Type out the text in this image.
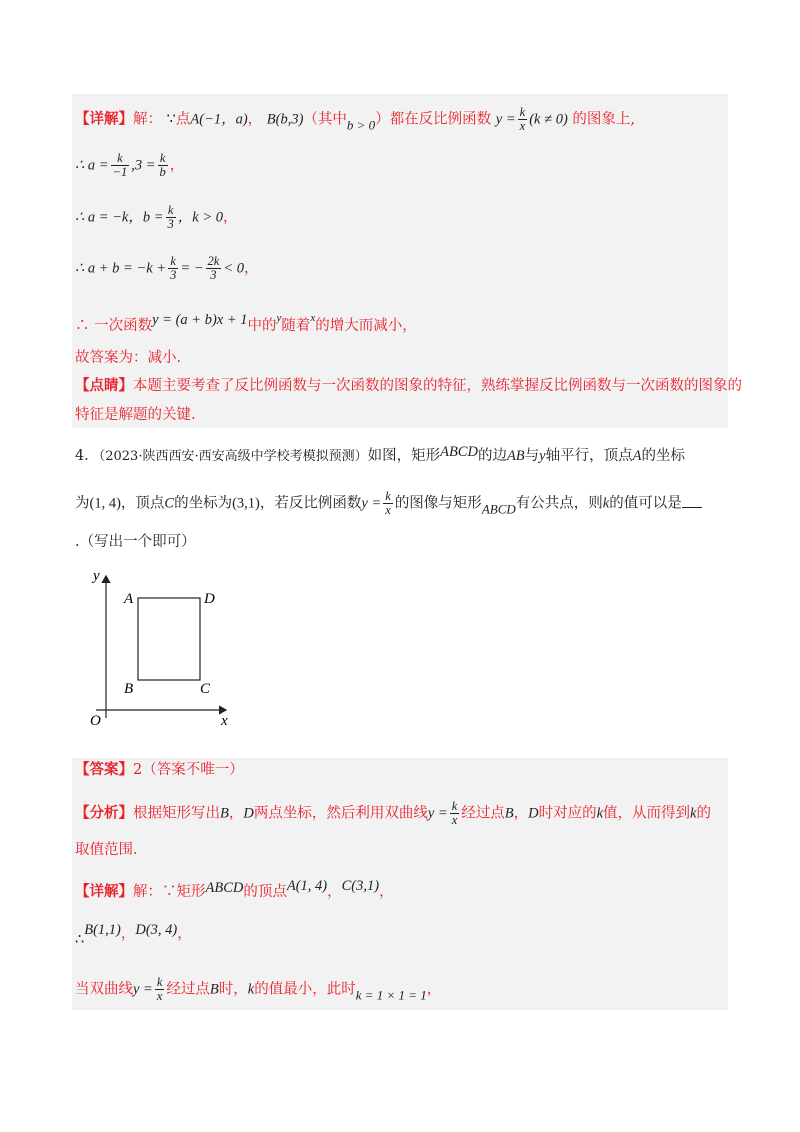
【详解】解： ∵点A(−1，a)， B(b,3)（其中b > 0）都在反比例函数 $y = \frac{k}{x} (k \ne 0)$ 的图象上,
∴ $a = \frac{k}{-1} ,3 = \frac{k}{b}$ ，
∴ a = −k，$b = \frac{k}{3}$ ，k > 0，
∴ $a + b = -k + \frac{k}{3}$ = − $\frac{2k}{3} < 0$，
∴ 一次函数y = (a + b)x + 1中的$^y$随着$^x$的增大而减小，
故答案为：减小.
【点睛】本题主要考查了反比例函数与一次函数的图象的特征，熟练掌握反比例函数与一次函数的图象的
特征是解题的关键.
4．（2023·陕西西安·西安高级中学校考模拟预测）如图，矩形ABCD的边AB与y轴平行，顶点A的坐标
为(1, 4)，顶点C的坐标为(3,1)，若反比例函数$y = \frac{k}{x}$ 的图像与矩形ABCD有公共点，则k的值可以是
.（写出一个即可）
y
x
O
A	D
B	C
【答案】2（答案不唯一）
【分析】根据矩形写出B，D两点坐标，然后利用双曲线$y = \frac{k}{x}$ 经过点B，D时对应的k值，从而得到k的
取值范围.
【详解】解：∵矩形ABCD的顶点A(1, 4)，C(3,1)，
∴B(1,1)，D(3, 4)，
当双曲线$y = \frac{k}{x}$ 经过点B时，k的值最小，此时k = 1 × 1 = 1，
